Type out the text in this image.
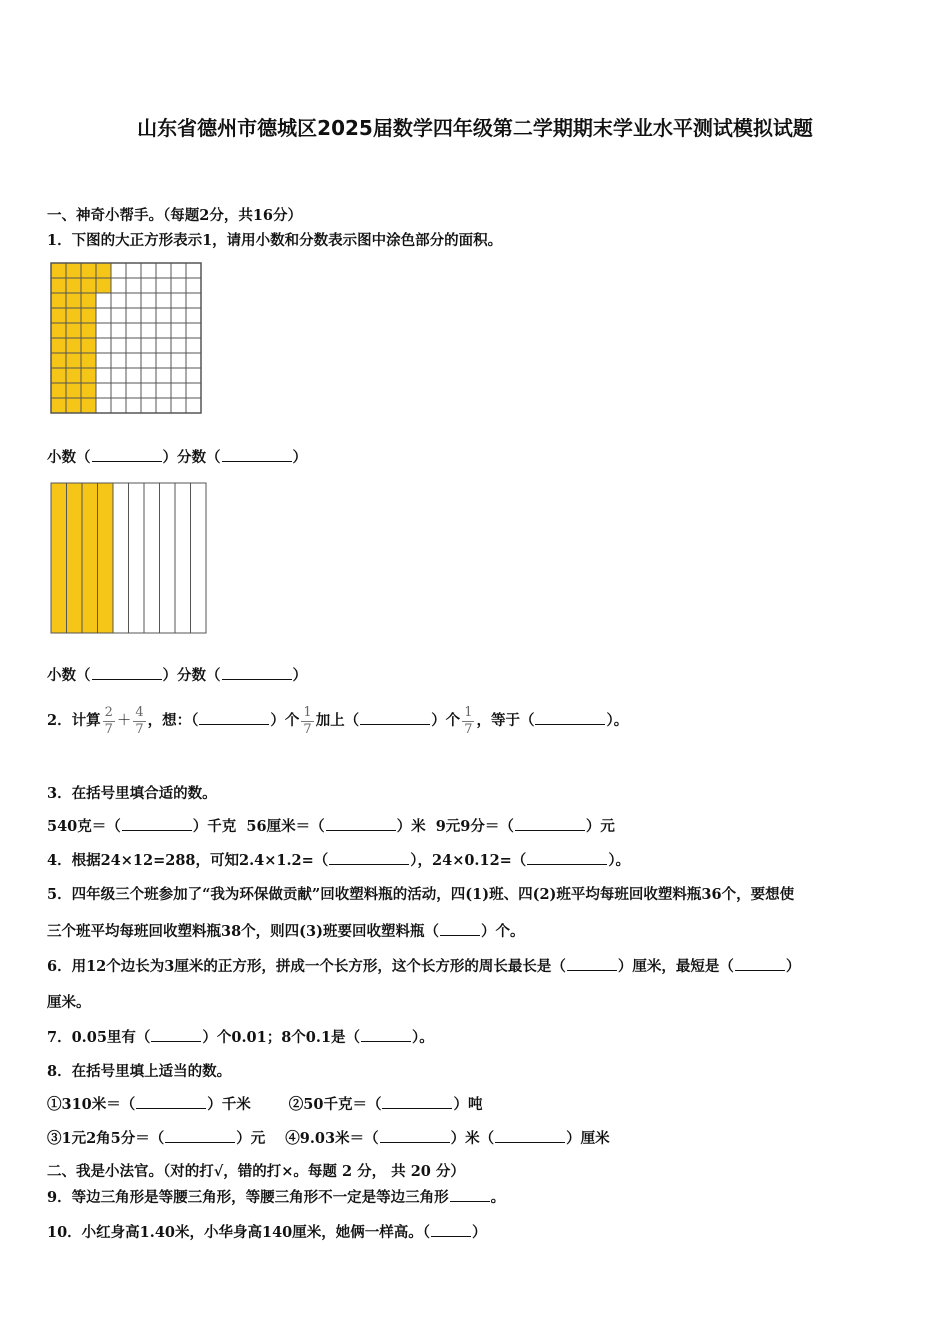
山东省德州市德城区2025届数学四年级第二学期期末学业水平测试模拟试题
一、神奇小帮手。（每题2分，共16分）
1．下图的大正方形表示1，请用小数和分数表示图中涂色部分的面积。
小数（	）分数（	）
小数（	）分数（	）
2．计算 $\frac{2}{7} + \frac{4}{7}$ ，想：（	）个 $\frac{1}{7}$ 加上（	）个 $\frac{1}{7}$ ，等于（	）。
3．在括号里填合适的数。
540克＝（	）千克 56厘米＝（	）米 9元9分＝（	）元
4．根据24×12=288，可知2.4×1.2=（	），24×0.12=（	）。
5．四年级三个班参加了“我为环保做贡献”回收塑料瓶的活动，四(1)班、四(2)班平均每班回收塑料瓶36个，要想使
三个班平均每班回收塑料瓶38个，则四(3)班要回收塑料瓶（	）个。
6．用12个边长为3厘米的正方形，拼成一个长方形，这个长方形的周长最长是（	）厘米，最短是（	）
厘米。
7．0.05里有（	）个0.01；8个0.1是（	）。
8．在括号里填上适当的数。
①310米＝（	）千米	②50千克＝（	）吨
③1元2角5分＝（	）元 ④9.03米＝（	）米（	）厘米
二、我是小法官。（对的打√，错的打×。每题 2 分， 共 20 分）
9．等边三角形是等腰三角形，等腰三角形不一定是等边三角形	。
10．小红身高1.40米，小华身高140厘米，她俩一样高。（	）
